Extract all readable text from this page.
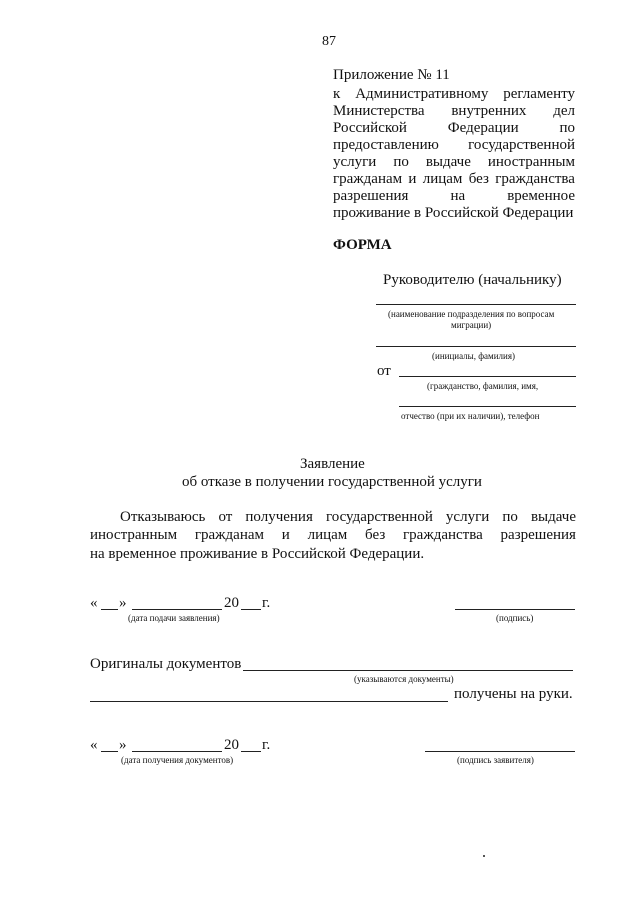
87
Приложение № 11
к Административному регламенту
Министерства внутренних дел
Российской	Федерации	по
предоставлению государственной
услуги по выдаче иностранным
гражданам и лицам без гражданства
разрешения	на	временное
проживание в Российской Федерации
ФОРМА
Руководителю (начальнику)
(наименование подразделения по вопросам
миграции)
(инициалы, фамилия)
от
(гражданство, фамилия, имя,
отчество (при их наличии), телефон
Заявление
об отказе в получении государственной услуги
Отказываюсь от получения государственной услуги по выдаче
иностранным гражданам и лицам без гражданства разрешения
на временное проживание в Российской Федерации.
« »	20 г.
(дата подачи заявления)	(подпись)
Оригиналы документов
(указываются документы)
получены на руки.
« »	20 г.
(дата получения документов)	(подпись заявителя)
